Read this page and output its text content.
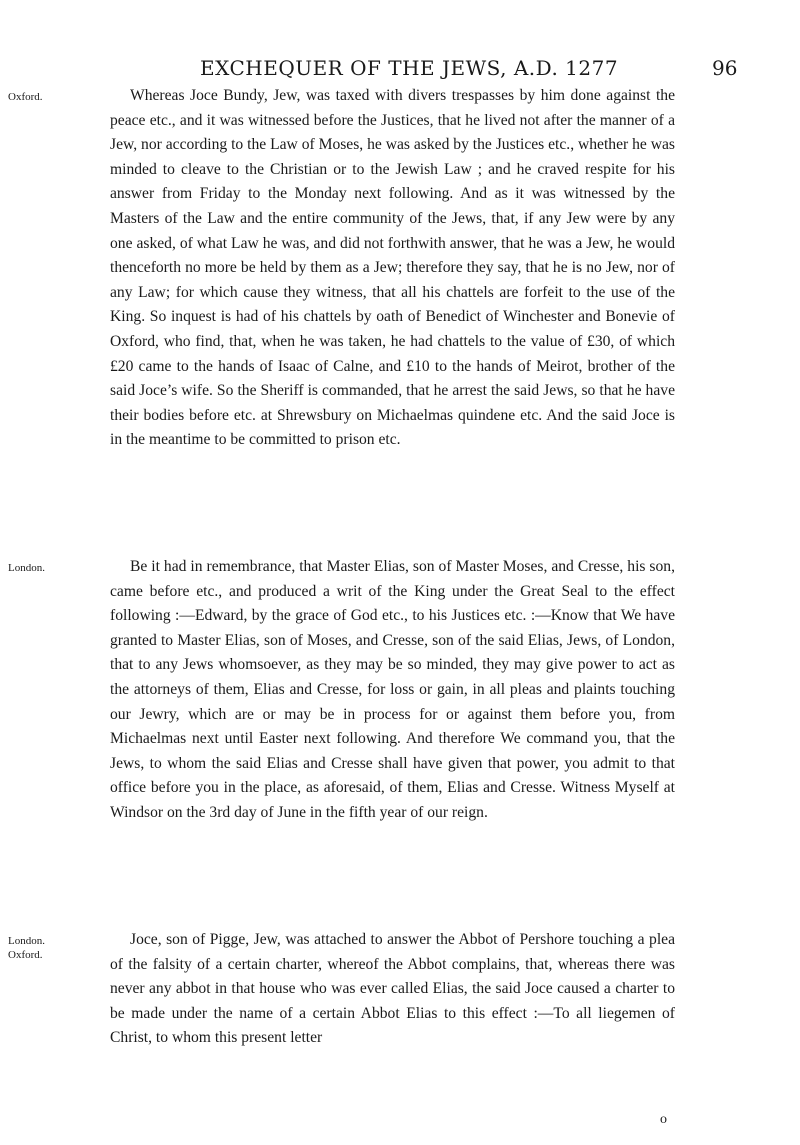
EXCHEQUER OF THE JEWS, A.D. 1277	96
Oxford.	Whereas Joce Bundy, Jew, was taxed with divers trespasses by him done against the peace etc., and it was witnessed before the Justices, that he lived not after the manner of a Jew, nor according to the Law of Moses, he was asked by the Justices etc., whether he was minded to cleave to the Christian or to the Jewish Law ; and he craved respite for his answer from Friday to the Monday next following. And as it was witnessed by the Masters of the Law and the entire community of the Jews, that, if any Jew were by any one asked, of what Law he was, and did not forthwith answer, that he was a Jew, he would thenceforth no more be held by them as a Jew; therefore they say, that he is no Jew, nor of any Law; for which cause they witness, that all his chattels are forfeit to the use of the King. So inquest is had of his chattels by oath of Benedict of Winchester and Bonevie of Oxford, who find, that, when he was taken, he had chattels to the value of £30, of which £20 came to the hands of Isaac of Calne, and £10 to the hands of Meirot, brother of the said Joce’s wife. So the Sheriff is commanded, that he arrest the said Jews, so that he have their bodies before etc. at Shrewsbury on Michaelmas quindene etc. And the said Joce is in the meantime to be committed to prison etc.

London.	Be it had in remembrance, that Master Elias, son of Master Moses, and Cresse, his son, came before etc., and produced a writ of the King under the Great Seal to the effect following :—Edward, by the grace of God etc., to his Justices etc. :—Know that We have granted to Master Elias, son of Moses, and Cresse, son of the said Elias, Jews, of London, that to any Jews whomsoever, as they may be so minded, they may give power to act as the attorneys of them, Elias and Cresse, for loss or gain, in all pleas and plaints touching our Jewry, which are or may be in process for or against them before you, from Michaelmas next until Easter next following. And therefore We command you, that the Jews, to whom the said Elias and Cresse shall have given that power, you admit to that office before you in the place, as aforesaid, of them, Elias and Cresse. Witness Myself at Windsor on the 3rd day of June in the fifth year of our reign.

London.
Oxford.

Joce, son of Pigge, Jew, was attached to answer the Abbot of Pershore touching a plea of the falsity of a certain charter, whereof the Abbot complains, that, whereas there was never any abbot in that house who was ever called Elias, the said Joce caused a charter to be made under the name of a certain Abbot Elias to this effect :—To all liegemen of Christ, to whom this present letter

o
